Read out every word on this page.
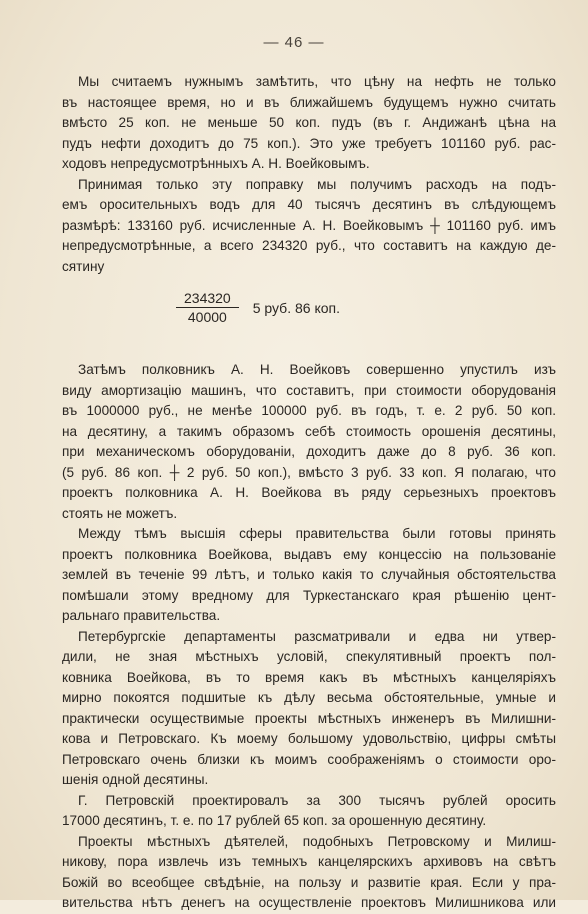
— 46 —
Мы считаемъ нужнымъ замѣтить, что цѣну на нефть не только
въ настоящее время, но и въ ближайшемъ будущемъ нужно считать
вмѣсто 25 коп. не меньше 50 коп. пудъ (въ г. Андижанѣ цѣна на
пудъ нефти доходитъ до 75 коп.). Это уже требуетъ 101160 руб. рас-
ходовъ непредусмотрѣнныхъ А. Н. Воейковымъ.
Принимая только эту поправку мы получимъ расходъ на подъ-
емъ оросительныхъ водъ для 40 тысячъ десятинъ въ слѣдующемъ
размѣрѣ: 133160 руб. исчисленные А. Н. Воейковымъ ┼ 101160 руб. имъ
непредусмотрѣнные, а всего 234320 руб., что составитъ на каждую де-
сятину
$\frac{234320}{40000} 5$ руб. 86 коп.
Затѣмъ полковникъ А. Н. Воейковъ совершенно упустилъ изъ
виду амортизацію машинъ, что составитъ, при стоимости оборудованія
въ 1000000 руб., не менѣе 100000 руб. въ годъ, т. е. 2 руб. 50 коп.
на десятину, а такимъ образомъ себѣ стоимость орошенія десятины,
при механическомъ оборудованіи, доходитъ даже до 8 руб. 36 коп.
(5 руб. 86 коп. ┼ 2 руб. 50 коп.), вмѣсто 3 руб. 33 коп. Я полагаю, что
проектъ полковника А. Н. Воейкова въ ряду серьезныхъ проектовъ
стоять не можетъ.
Между тѣмъ высшія сферы правительства были готовы принять
проектъ полковника Воейкова, выдавъ ему концессію на пользованіе
землей въ теченіе 99 лѣтъ, и только какія то случайныя обстоятельства
помѣшали этому вредному для Туркестанскаго края рѣшенію цент-
ральнаго правительства.
Петербургскіе департаменты разсматривали и едва ни утвер-
дили, не зная мѣстныхъ условій, спекулятивный проектъ пол-
ковника Воейкова, въ то время какъ въ мѣстныхъ канцеляріяхъ
мирно покоятся подшитые къ дѣлу весьма обстоятельные, умные и
практически осуществимые проекты мѣстныхъ инженеръ въ Милишни-
кова и Петровскаго. Къ моему большому удовольствію, цифры смѣты
Петровскаго очень близки къ моимъ соображеніямъ о стоимости оро-
шенія одной десятины.
Г. Петровскій проектировалъ за 300 тысячъ рублей оросить
17000 десятинъ, т. е. по 17 рублей 65 коп. за орошенную десятину.
Проекты мѣстныхъ дѣятелей, подобныхъ Петровскому и Милиш-
никову, пора извлечь изъ темныхъ канцелярскихъ архивовъ на свѣтъ
Божій во всеобщее свѣдѣніе, на пользу и развитіе края. Если у пра-
вительства нѣтъ денегъ на осуществленіе проектовъ Милишникова или
